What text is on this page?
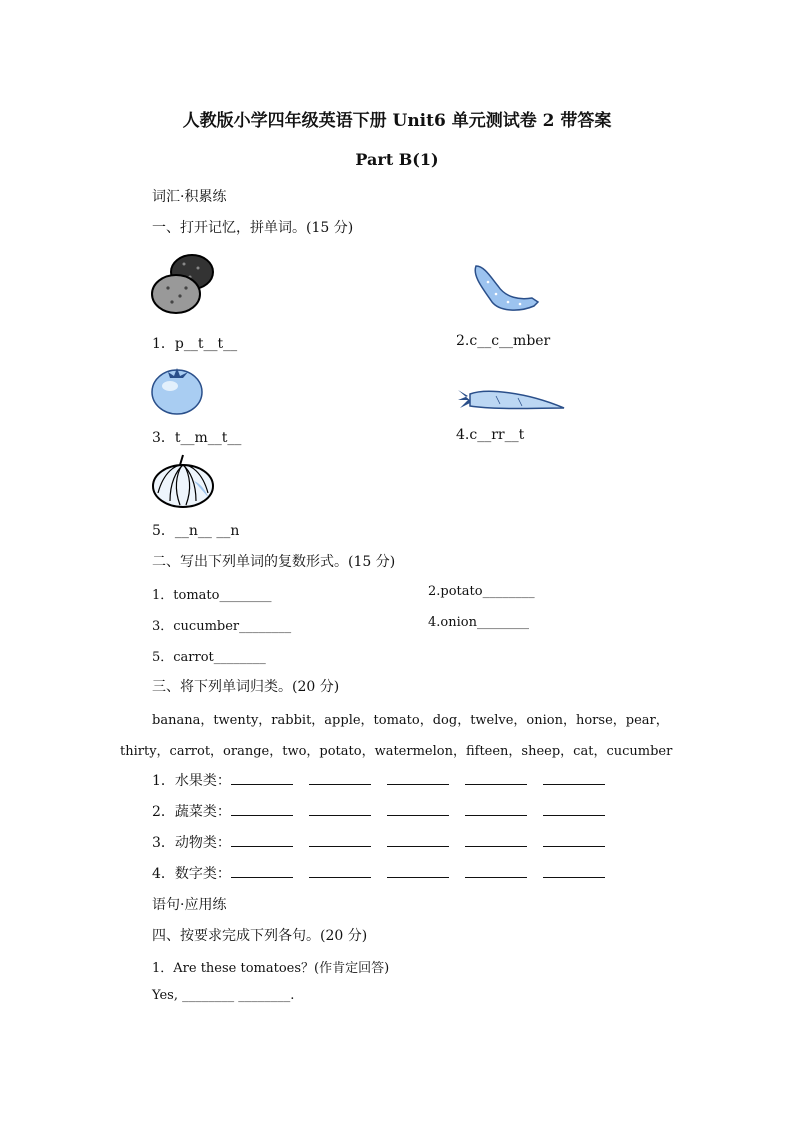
人教版小学四年级英语下册 Unit6 单元测试卷 2 带答案
Part B(1)
词汇·积累练
一、打开记忆，拼单词。(15 分)
1．p__t__t__	2.c__c__mber
3．t__m__t__	4.c__rr__t
5．__n__ __n
二、写出下列单词的复数形式。(15 分)
1．tomato________	2.potato________
3．cucumber________	4.onion________
5．carrot________
三、将下列单词归类。(20 分)
banana，twenty，rabbit，apple，tomato，dog，twelve，onion，horse，pear，
thirty，carrot，orange，two，potato，watermelon，fifteen，sheep，cat，cucumber
1．水果类：
2．蔬菜类：
3．动物类：
4．数字类：
语句·应用练
四、按要求完成下列各句。(20 分)
1．Are these tomatoes？(作肯定回答)
Yes, ________ ________.
